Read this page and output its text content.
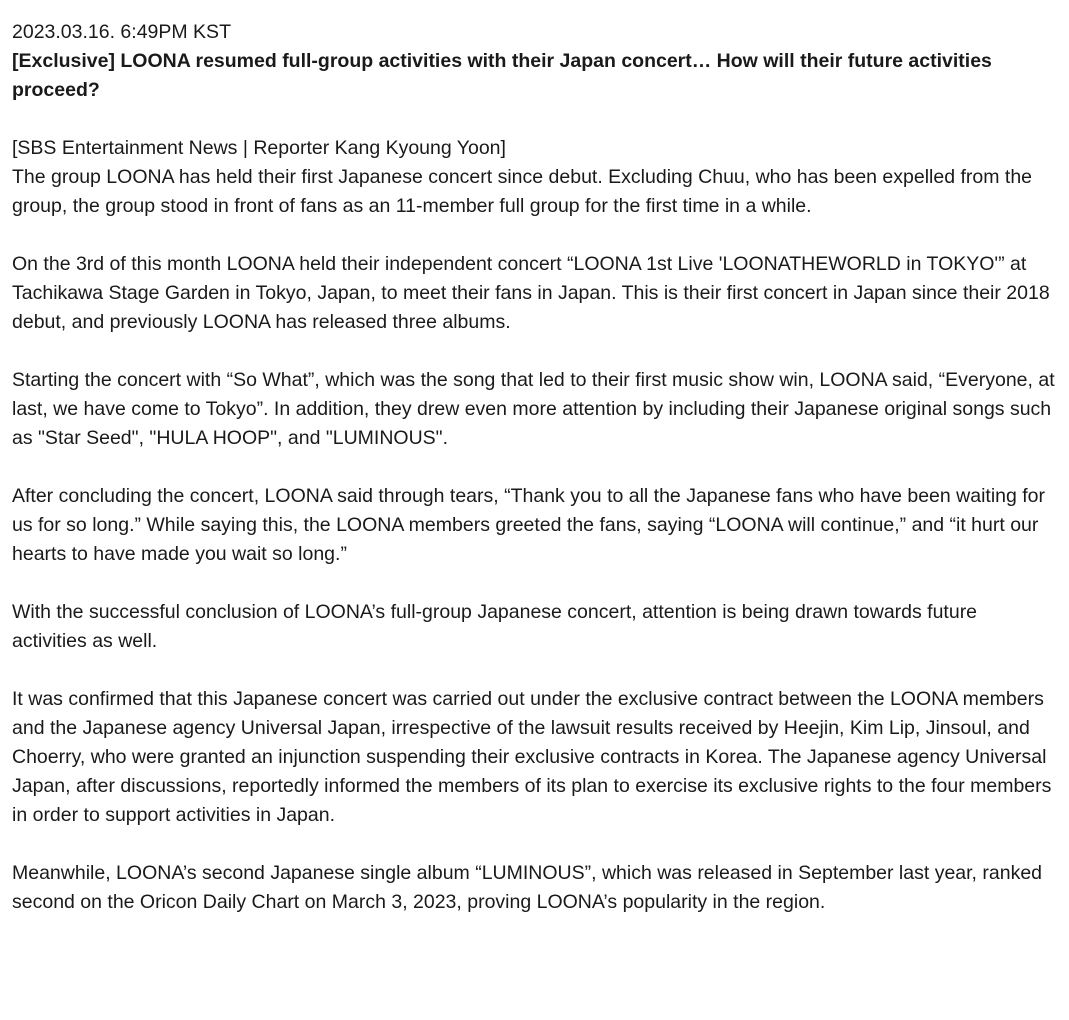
2023.03.16. 6:49PM KST

[Exclusive] LOONA resumed full-group activities with their Japan concert… How will their future activities proceed?

[SBS Entertainment News | Reporter Kang Kyoung Yoon]

The group LOONA has held their first Japanese concert since debut. Excluding Chuu, who has been expelled from the group, the group stood in front of fans as an 11-member full group for the first time in a while.

On the 3rd of this month LOONA held their independent concert “LOONA 1st Live 'LOONATHEWORLD in TOKYO'” at Tachikawa Stage Garden in Tokyo, Japan, to meet their fans in Japan. This is their first concert in Japan since their 2018 debut, and previously LOONA has released three albums.

Starting the concert with “So What”, which was the song that led to their first music show win, LOONA said, “Everyone, at last, we have come to Tokyo”. In addition, they drew even more attention by including their Japanese original songs such as "Star Seed", "HULA HOOP", and "LUMINOUS".

After concluding the concert, LOONA said through tears, “Thank you to all the Japanese fans who have been waiting for us for so long.” While saying this, the LOONA members greeted the fans, saying “LOONA will continue,” and “it hurt our hearts to have made you wait so long.”

With the successful conclusion of LOONA’s full-group Japanese concert, attention is being drawn towards future activities as well.

It was confirmed that this Japanese concert was carried out under the exclusive contract between the LOONA members and the Japanese agency Universal Japan, irrespective of the lawsuit results received by Heejin, Kim Lip, Jinsoul, and Choerry, who were granted an injunction suspending their exclusive contracts in Korea. The Japanese agency Universal Japan, after discussions, reportedly informed the members of its plan to exercise its exclusive rights to the four members in order to support activities in Japan.

Meanwhile, LOONA’s second Japanese single album “LUMINOUS”, which was released in September last year, ranked second on the Oricon Daily Chart on March 3, 2023, proving LOONA’s popularity in the region.
